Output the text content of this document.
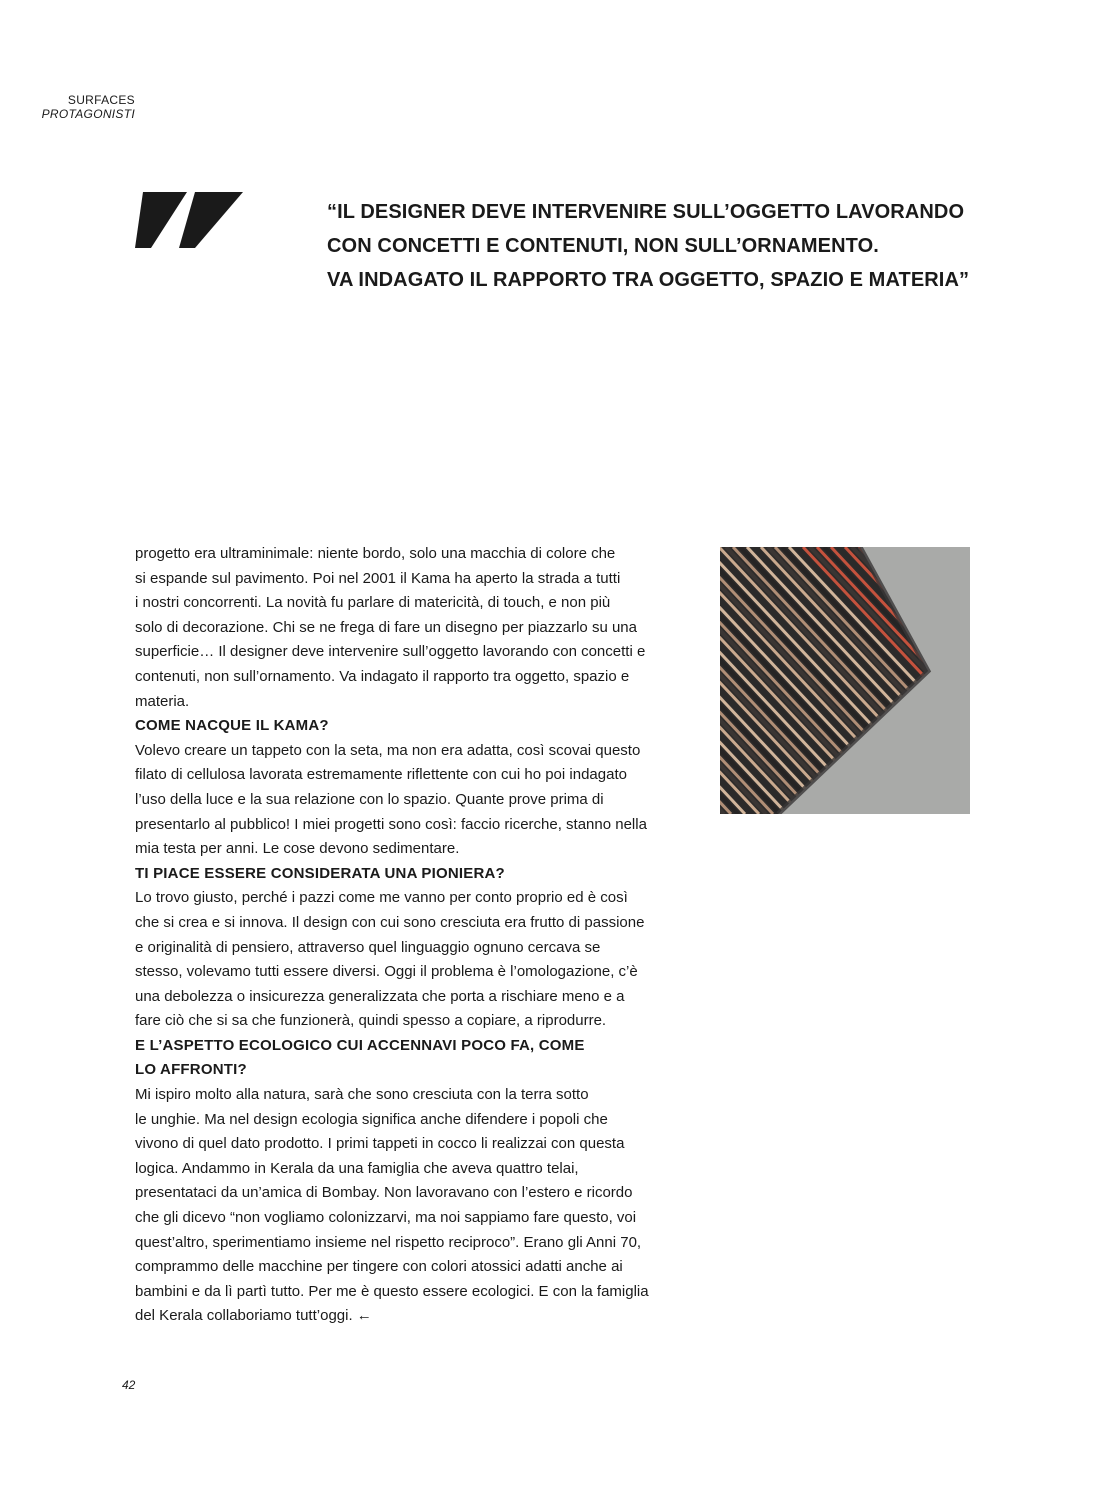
SURFACES
PROTAGONISTI
“IL DESIGNER DEVE INTERVENIRE SULL’OGGETTO LAVORANDO
CON CONCETTI E CONTENUTI, NON SULL’ORNAMENTO.
VA INDAGATO IL RAPPORTO TRA OGGETTO, SPAZIO E MATERIA”
progetto era ultraminimale: niente bordo, solo una macchia di colore che
si espande sul pavimento. Poi nel 2001 il Kama ha aperto la strada a tutti
i nostri concorrenti. La novità fu parlare di matericità, di touch, e non più
solo di decorazione. Chi se ne frega di fare un disegno per piazzarlo su una
superficie… Il designer deve intervenire sull’oggetto lavorando con concetti e
contenuti, non sull’ornamento. Va indagato il rapporto tra oggetto, spazio e
materia.
COME NACQUE IL KAMA?
Volevo creare un tappeto con la seta, ma non era adatta, così scovai questo
filato di cellulosa lavorata estremamente riflettente con cui ho poi indagato
l’uso della luce e la sua relazione con lo spazio. Quante prove prima di
presentarlo al pubblico! I miei progetti sono così: faccio ricerche, stanno nella
mia testa per anni. Le cose devono sedimentare.
TI PIACE ESSERE CONSIDERATA UNA PIONIERA?
Lo trovo giusto, perché i pazzi come me vanno per conto proprio ed è così
che si crea e si innova. Il design con cui sono cresciuta era frutto di passione
e originalità di pensiero, attraverso quel linguaggio ognuno cercava se
stesso, volevamo tutti essere diversi. Oggi il problema è l’omologazione, c’è
una debolezza o insicurezza generalizzata che porta a rischiare meno e a
fare ciò che si sa che funzionerà, quindi spesso a copiare, a riprodurre.
E L’ASPETTO ECOLOGICO CUI ACCENNAVI POCO FA, COME
LO AFFRONTI?
Mi ispiro molto alla natura, sarà che sono cresciuta con la terra sotto
le unghie. Ma nel design ecologia significa anche difendere i popoli che
vivono di quel dato prodotto. I primi tappeti in cocco li realizzai con questa
logica. Andammo in Kerala da una famiglia che aveva quattro telai,
presentataci da un’amica di Bombay. Non lavoravano con l’estero e ricordo
che gli dicevo “non vogliamo colonizzarvi, ma noi sappiamo fare questo, voi
quest’altro, sperimentiamo insieme nel rispetto reciproco”. Erano gli Anni 70,
comprammo delle macchine per tingere con colori atossici adatti anche ai
bambini e da lì partì tutto. Per me è questo essere ecologici. E con la famiglia
del Kerala collaboriamo tutt’oggi. ←
42
